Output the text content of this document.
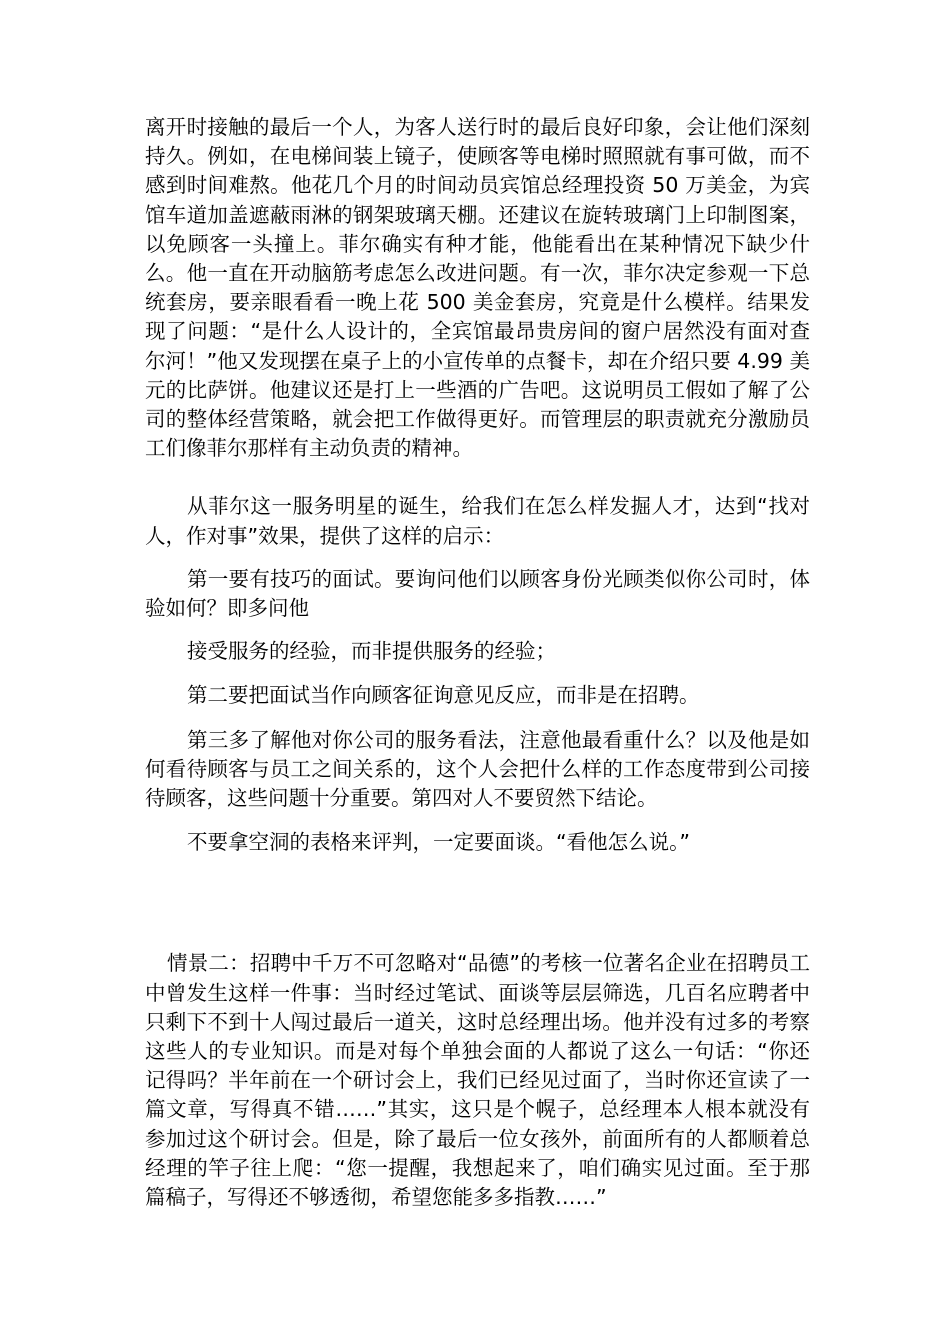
离开时接触的最后一个人，为客人送行时的最后良好印象，会让他们深刻持久。例如，在电梯间装上镜子，使顾客等电梯时照照就有事可做，而不感到时间难熬。他花几个月的时间动员宾馆总经理投资 50 万美金，为宾馆车道加盖遮蔽雨淋的钢架玻璃天棚。还建议在旋转玻璃门上印制图案，以免顾客一头撞上。菲尔确实有种才能，他能看出在某种情况下缺少什么。他一直在开动脑筋考虑怎么改进问题。有一次，菲尔决定参观一下总统套房，要亲眼看看一晚上花 500 美金套房，究竟是什么模样。结果发现了问题：“是什么人设计的，全宾馆最昂贵房间的窗户居然没有面对查尔河！”他又发现摆在桌子上的小宣传单的点餐卡，却在介绍只要 4.99 美元的比萨饼。他建议还是打上一些酒的广告吧。这说明员工假如了解了公司的整体经营策略，就会把工作做得更好。而管理层的职责就充分激励员工们像菲尔那样有主动负责的精神。

从菲尔这一服务明星的诞生，给我们在怎么样发掘人才，达到“找对人，作对事”效果，提供了这样的启示：

第一要有技巧的面试。要询问他们以顾客身份光顾类似你公司时，体验如何？即多问他

接受服务的经验，而非提供服务的经验；

第二要把面试当作向顾客征询意见反应，而非是在招聘。

第三多了解他对你公司的服务看法，注意他最看重什么？以及他是如何看待顾客与员工之间关系的，这个人会把什么样的工作态度带到公司接待顾客，这些问题十分重要。第四对人不要贸然下结论。

不要拿空洞的表格来评判，一定要面谈。“看他怎么说。”

情景二：招聘中千万不可忽略对“品德”的考核一位著名企业在招聘员工中曾发生这样一件事：当时经过笔试、面谈等层层筛选，几百名应聘者中只剩下不到十人闯过最后一道关，这时总经理出场。他并没有过多的考察这些人的专业知识。而是对每个单独会面的人都说了这么一句话：“你还记得吗？半年前在一个研讨会上，我们已经见过面了，当时你还宣读了一篇文章，写得真不错……”其实，这只是个幌子，总经理本人根本就没有参加过这个研讨会。但是，除了最后一位女孩外，前面所有的人都顺着总经理的竿子往上爬：“您一提醒，我想起来了，咱们确实见过面。至于那篇稿子，写得还不够透彻，希望您能多多指教……”
